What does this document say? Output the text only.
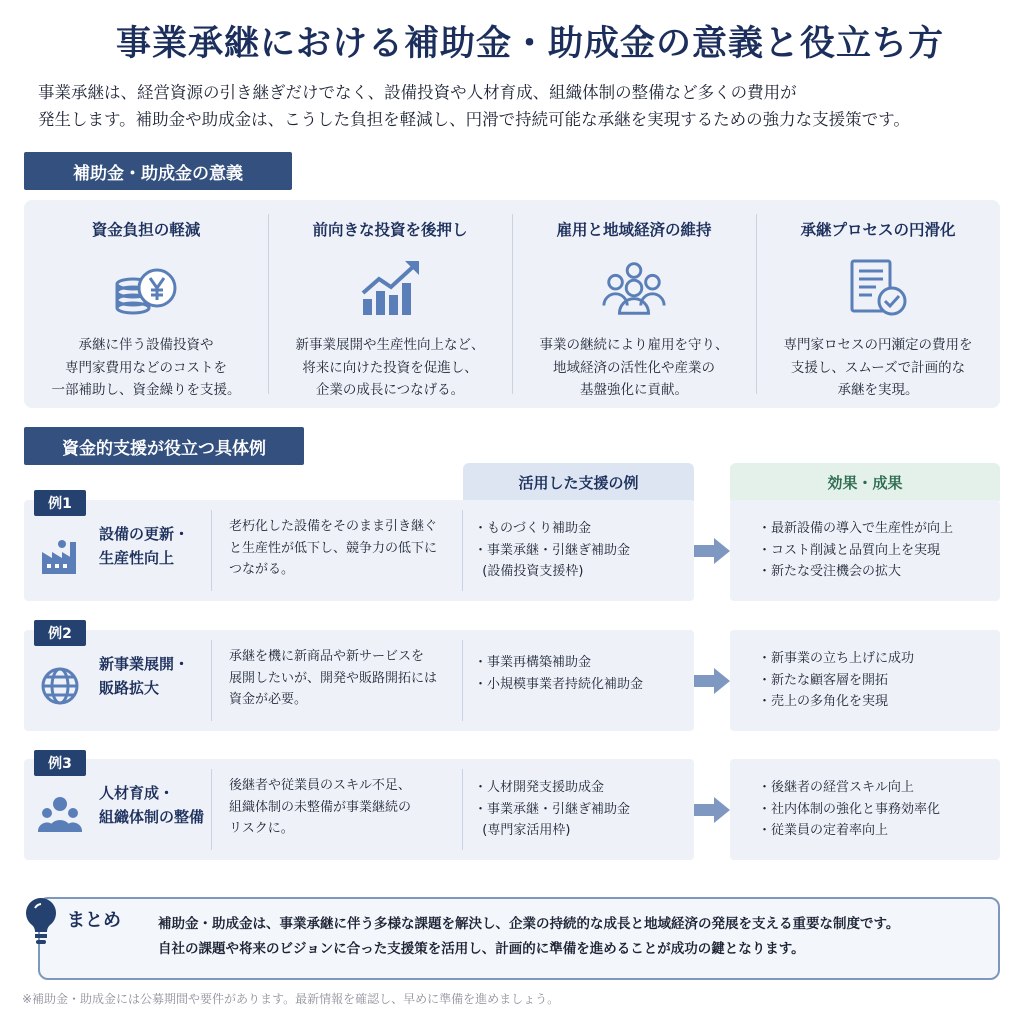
事業承継における補助金・助成金の意義と役立ち方
事業承継は、経営資源の引き継ぎだけでなく、設備投資や人材育成、組織体制の整備など多くの費用が
発生します。補助金や助成金は、こうした負担を軽減し、円滑で持続可能な承継を実現するための強力な支援策です。
補助金・助成金の意義
資金負担の軽減
承継に伴う設備投資や
専門家費用などのコストを
一部補助し、資金繰りを支援。
前向きな投資を後押し
新事業展開や生産性向上など、
将来に向けた投資を促進し、
企業の成長につなげる。
雇用と地域経済の維持
事業の継続により雇用を守り、
地域経済の活性化や産業の
基盤強化に貢献。
承継プロセスの円滑化
専門家ロセスの円瀬定の費用を
支援し、スムーズで計画的な
承継を実現。
資金的支援が役立つ具体例
活用した支援の例	効果・成果
設備の更新・
生産性向上
老朽化した設備をそのまま引き継ぐ
と生産性が低下し、競争力の低下に
つながる。
・ものづくり補助金
・事業承継・引継ぎ補助金
(設備投資支援枠)
・最新設備の導入で生産性が向上
・コスト削減と品質向上を実現
・新たな受注機会の拡大
例1
新事業展開・
販路拡大
承継を機に新商品や新サービスを
展開したいが、開発や販路開拓には
資金が必要。
・事業再構築補助金
・小規模事業者持続化補助金
・新事業の立ち上げに成功
・新たな顧客層を開拓
・売上の多角化を実現
例2
人材育成・
組織体制の整備
後継者や従業員のスキル不足、
組織体制の未整備が事業継続の
リスクに。
・人材開発支援助成金
・事業承継・引継ぎ補助金
(専門家活用枠)
・後継者の経営スキル向上
・社内体制の強化と事務効率化
・従業員の定着率向上
例3
まとめ	補助金・助成金は、事業承継に伴う多様な課題を解決し、企業の持続的な成長と地域経済の発展を支える重要な制度です。
自社の課題や将来のビジョンに合った支援策を活用し、計画的に準備を進めることが成功の鍵となります。
※補助金・助成金には公募期間や要件があります。最新情報を確認し、早めに準備を進めましょう。
